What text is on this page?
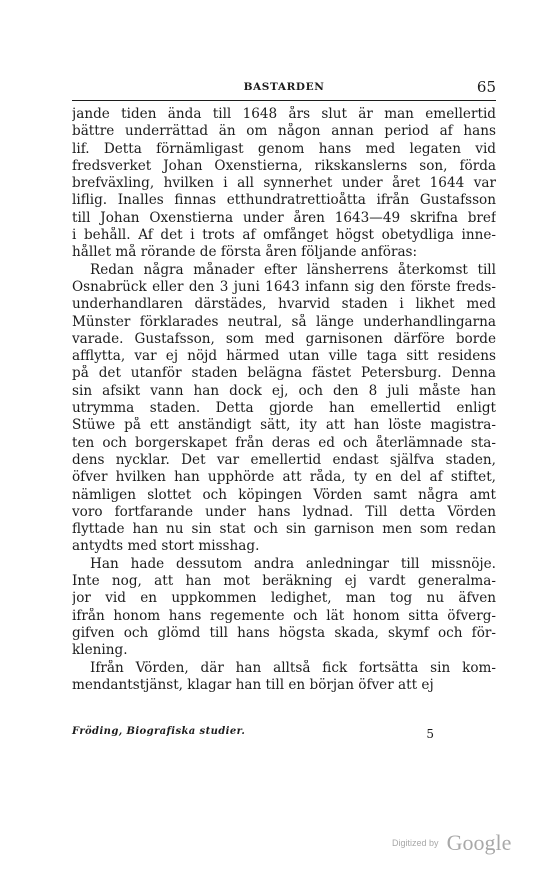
BASTARDEN	65
jande tiden ända till 1648 års slut är man emellertid
bättre underrättad än om någon annan period af hans
lif. Detta förnämligast genom hans med legaten vid
fredsverket Johan Oxenstierna, rikskanslerns son, förda
brefväxling, hvilken i all synnerhet under året 1644 var
liflig. Inalles finnas etthundratrettioåtta ifrån Gustafsson
till Johan Oxenstierna under åren 1643—49 skrifna bref
i behåll. Af det i trots af omfånget högst obetydliga inne-
hållet må rörande de första åren följande anföras:
Redan några månader efter länsherrens återkomst till
Osnabrück eller den 3 juni 1643 infann sig den förste freds-
underhandlaren därstädes, hvarvid staden i likhet med
Münster förklarades neutral, så länge underhandlingarna
varade. Gustafsson, som med garnisonen därföre borde
afflytta, var ej nöjd härmed utan ville taga sitt residens
på det utanför staden belägna fästet Petersburg. Denna
sin afsikt vann han dock ej, och den 8 juli måste han
utrymma staden. Detta gjorde han emellertid enligt
Stüwe på ett anständigt sätt, ity att han löste magistra-
ten och borgerskapet från deras ed och återlämnade sta-
dens nycklar. Det var emellertid endast själfva staden,
öfver hvilken han upphörde att råda, ty en del af stiftet,
nämligen slottet och köpingen Vörden samt några amt
voro fortfarande under hans lydnad. Till detta Vörden
flyttade han nu sin stat och sin garnison men som redan
antydts med stort misshag.
Han hade dessutom andra anledningar till missnöje.
Inte nog, att han mot beräkning ej vardt generalma-
jor vid en uppkommen ledighet, man tog nu äfven
ifrån honom hans regemente och lät honom sitta öfverg-
gifven och glömd till hans högsta skada, skymf och för-
klening.
Ifrån Vörden, där han alltså fick fortsätta sin kom-
mendantstjänst, klagar han till en början öfver att ej
Fröding, Biografiska studier.	5
Digitized by Google
